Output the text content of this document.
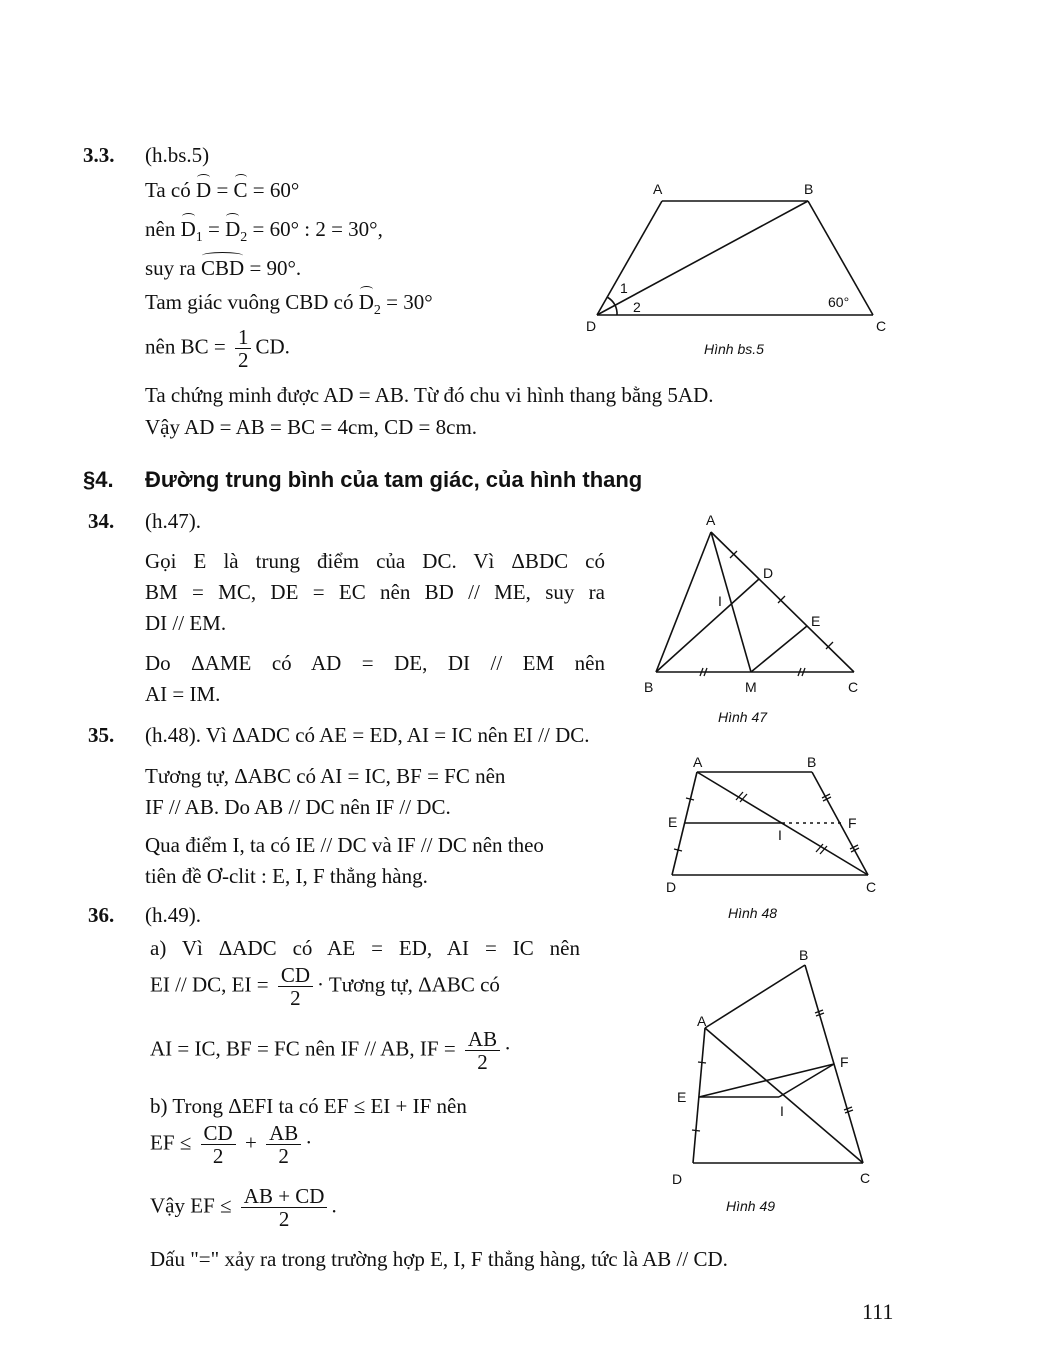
3.3. (h.bs.5)
Ta có D = C = 60°
nên $D_1 = D_2 = 60^\circ$ : 2 = 30°,
suy ra CBD = 90°.
Tam giác vuông CBD có $D_2 = 30^\circ$
nên BC = $\frac{1}{2}$ CD.
Ta chứng minh được AD = AB. Từ đó chu vi hình thang bằng 5AD.
Vậy AD = AB = BC = 4cm, CD = 8cm.
A	B
C
D
1
2	60°
Hình bs.5
§4. Đường trung bình của tam giác, của hình thang
34. (h.47).
Gọi E là trung điểm của DC. Vì ΔBDC có
BM = MC, DE = EC nên BD // ME, suy ra
DI // EM.
Do ΔAME có AD = DE, DI // EM nên
AI = IM.
A
D
I
E
B	M	C
Hình 47
35. (h.48). Vì ΔADC có AE = ED, AI = IC nên EI // DC.
Tương tự, ΔABC có AI = IC, BF = FC nên
IF // AB. Do AB // DC nên IF // DC.
Qua điểm I, ta có IE // DC và IF // DC nên theo
tiên đề Ơ-clit : E, I, F thẳng hàng.
A	B
E
I
F
D	C
Hình 48
36. (h.49).
a) Vì ΔADC có AE = ED, AI = IC nên
EI // DC, EI = $\frac{CD}{2}$ · Tương tự, ΔABC có
AI = IC, BF = FC nên IF // AB, IF = $\frac{AB}{2}$ ·
b) Trong ΔEFI ta có EF ≤ EI + IF nên
EF ≤ $\frac{CD}{2} + \frac{AB}{2}$ ·
Vậy EF ≤ $\frac{AB + CD}{2}$ .
Dấu "=" xảy ra trong trường hợp E, I, F thẳng hàng, tức là AB // CD.
B
A
F
E
I
D	C
Hình 49
111
